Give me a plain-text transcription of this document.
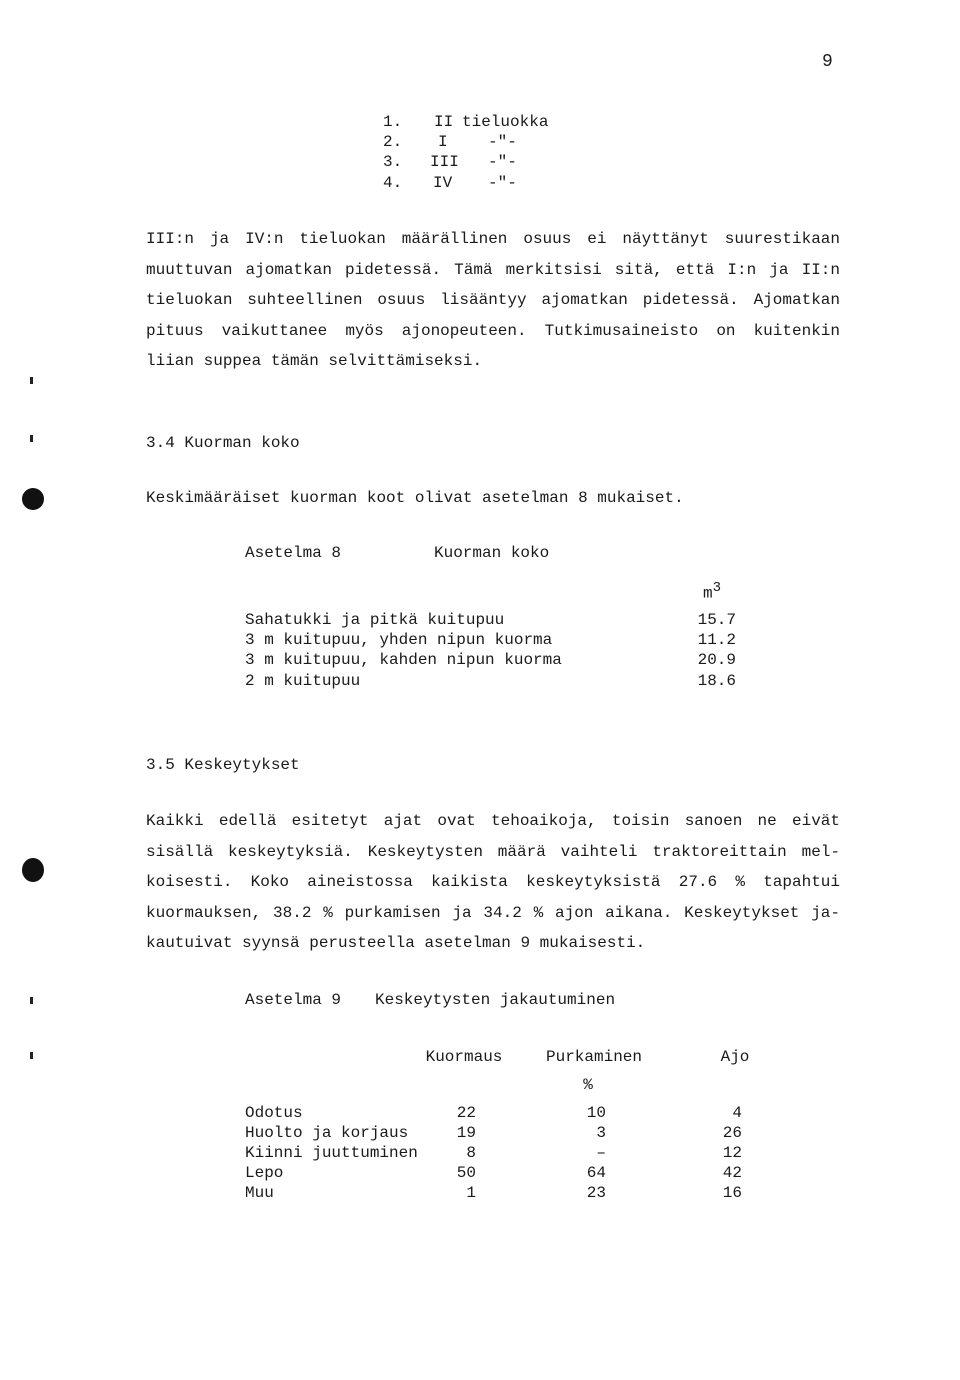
9
1. II tieluokka
2. I	-"-
3. III -"-
4. IV -"-
III:n ja IV:n tieluokan määrällinen osuus ei näyttänyt suurestikaan
muuttuvan ajomatkan pidetessä. Tämä merkitsisi sitä, että I:n ja II:n
tieluokan suhteellinen osuus lisääntyy ajomatkan pidetessä. Ajomatkan
pituus vaikuttanee myös ajonopeuteen. Tutkimusaineisto on kuitenkin
liian suppea tämän selvittämiseksi.
3.4 Kuorman koko
Keskimääräiset kuorman koot olivat asetelman 8 mukaiset.
Asetelma 8	Kuorman koko
$m^3$
Sahatukki ja pitkä kuitupuu	15.7
3 m kuitupuu, yhden nipun kuorma	11.2
3 m kuitupuu, kahden nipun kuorma	20.9
2 m kuitupuu	18.6
3.5 Keskeytykset
Kaikki edellä esitetyt ajat ovat tehoaikoja, toisin sanoen ne eivät
sisällä keskeytyksiä. Keskeytysten määrä vaihteli traktoreittain mel-
koisesti. Koko aineistossa kaikista keskeytyksistä 27.6 % tapahtui
kuormauksen, 38.2 % purkamisen ja 34.2 % ajon aikana. Keskeytykset ja-
kautuivat syynsä perusteella asetelman 9 mukaisesti.
Asetelma 9 Keskeytysten jakautuminen
Kuormaus	Purkaminen	Ajo
%
Odotus	22	10	4
Huolto ja korjaus	19	3	26
Kiinni juuttuminen	8	–	12
Lepo	50	64	42
Muu	1	23	16
